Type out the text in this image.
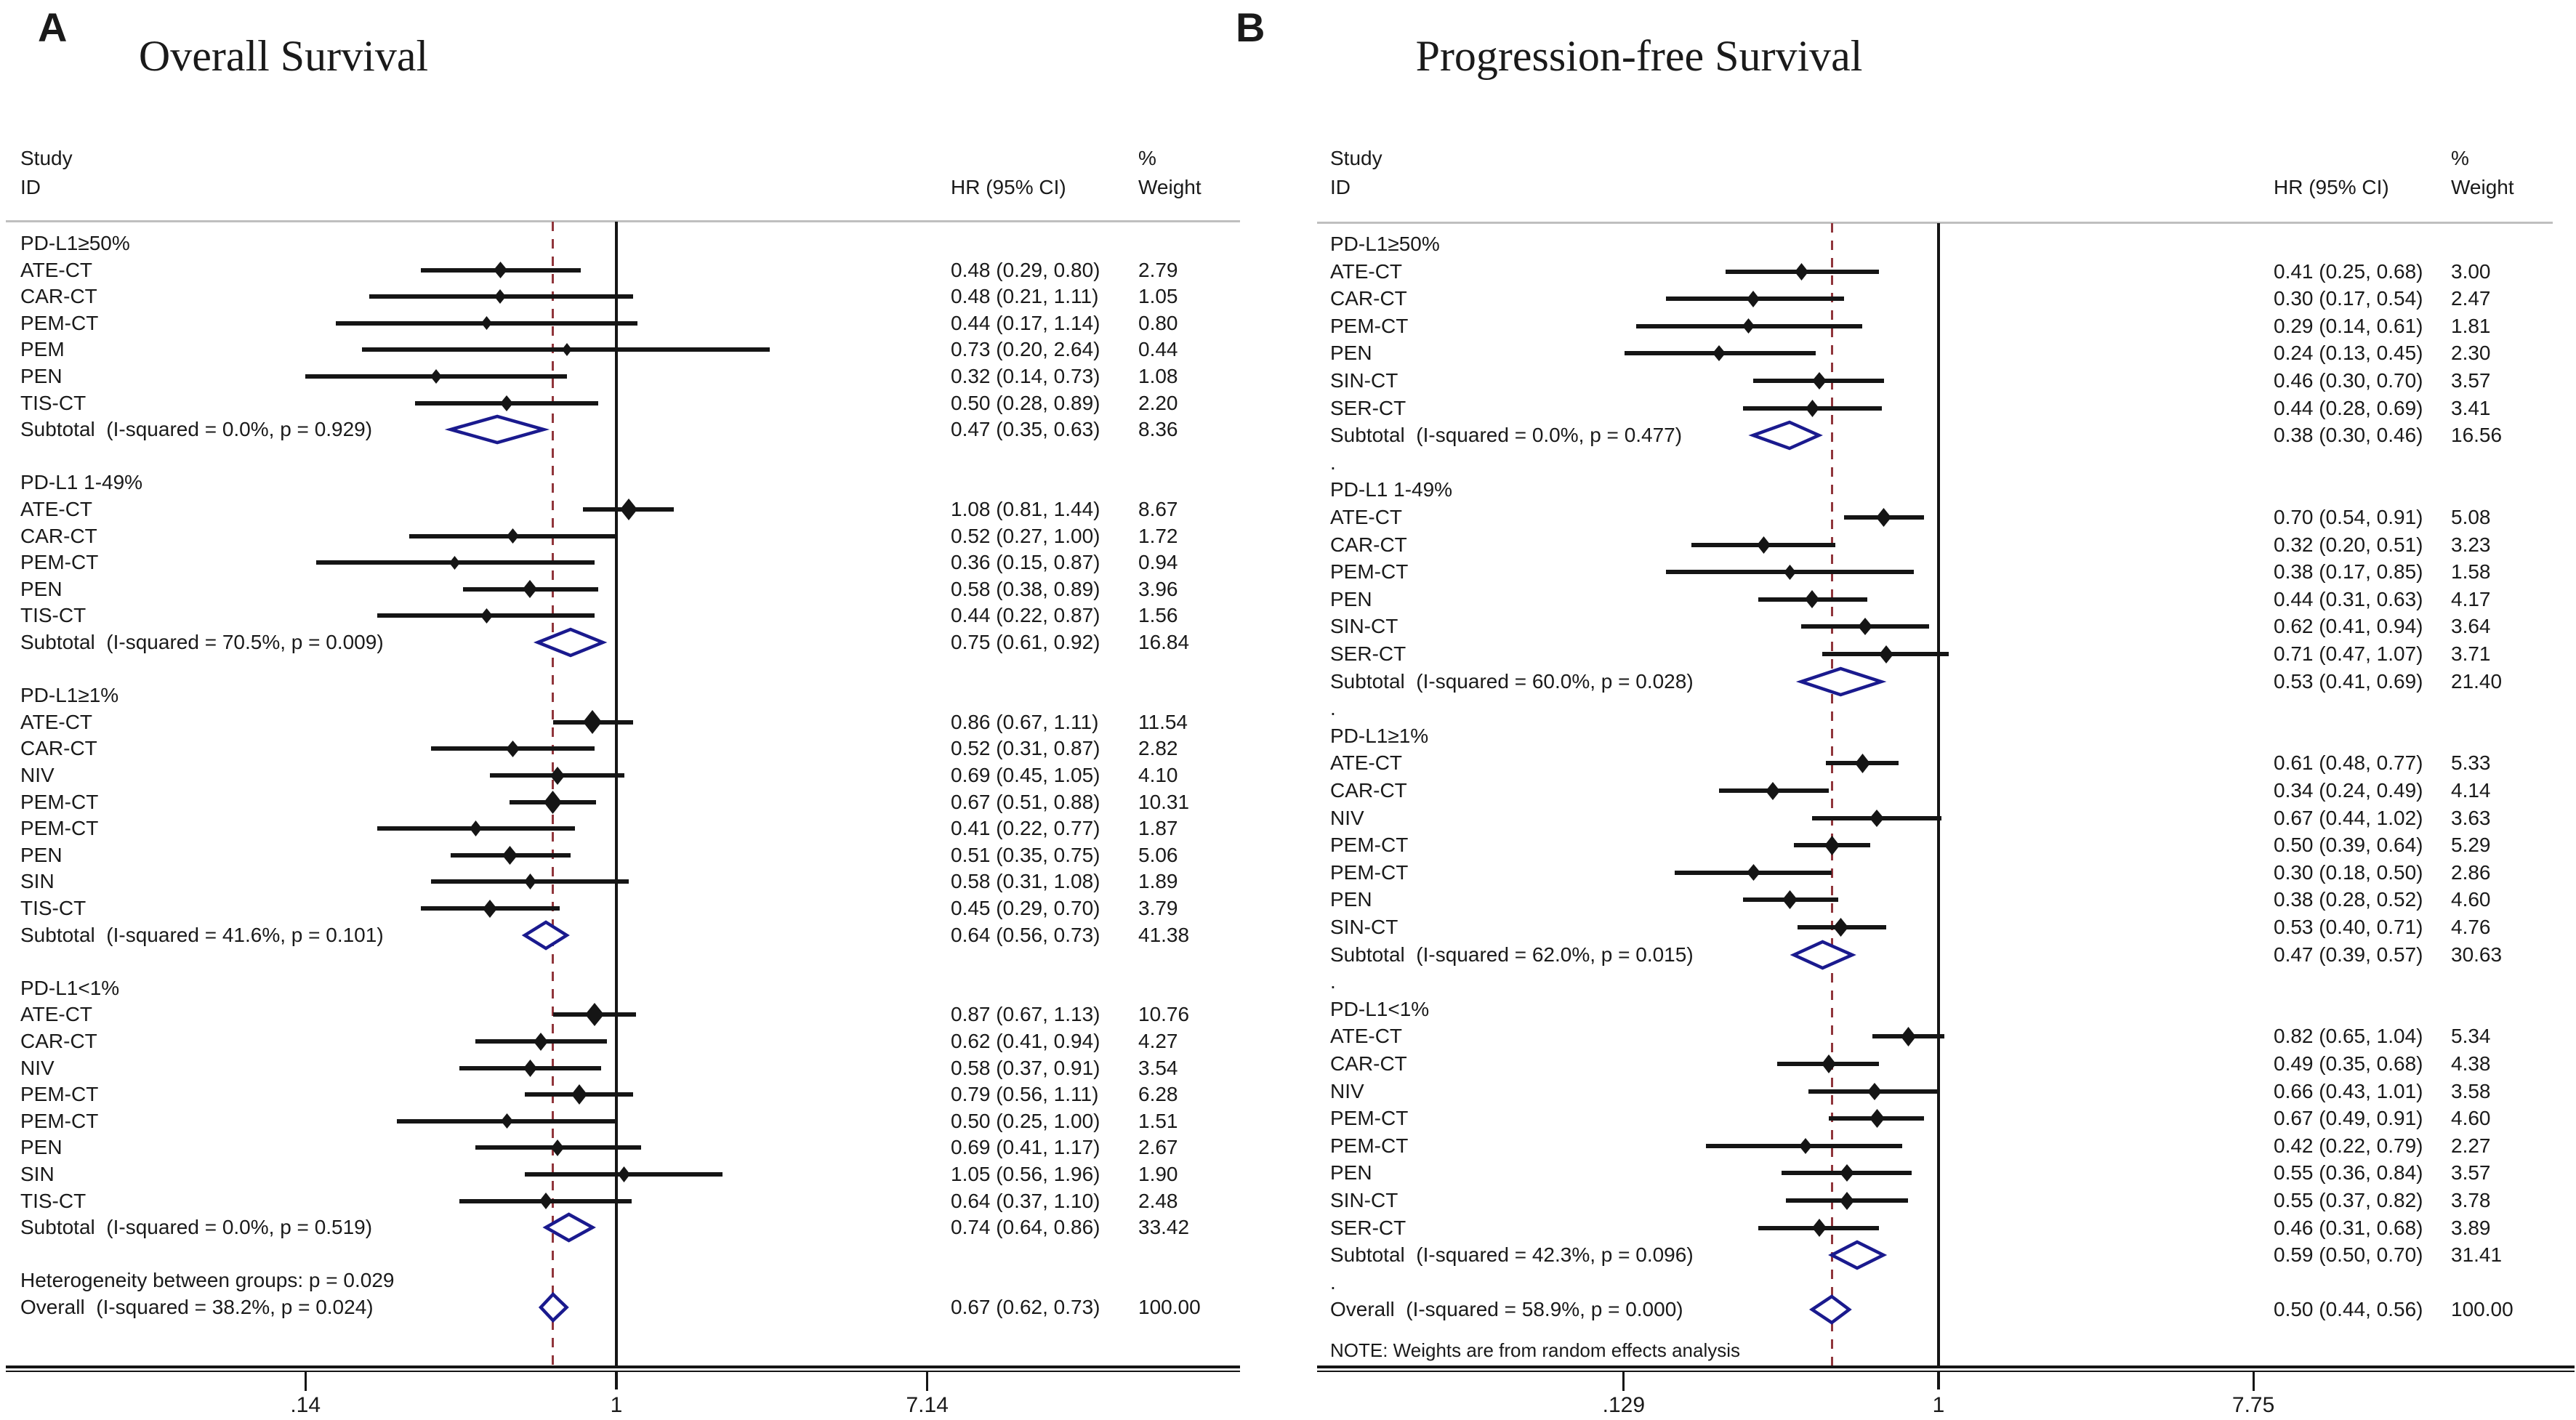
A
Overall Survival
Study
ID	HR (95% CI)
%
Weight
PD-L1≥50%
ATE-CT	0.48 (0.29, 0.80) 2.79
CAR-CT	0.48 (0.21, 1.11) 1.05
PEM-CT	0.44 (0.17, 1.14) 0.80
PEM	0.73 (0.20, 2.64) 0.44
PEN	0.32 (0.14, 0.73) 1.08
TIS-CT	0.50 (0.28, 0.89) 2.20
Subtotal  (I-squared = 0.0%, p = 0.929)	0.47 (0.35, 0.63) 8.36
PD-L1 1-49%
ATE-CT	1.08 (0.81, 1.44) 8.67
CAR-CT	0.52 (0.27, 1.00) 1.72
PEM-CT	0.36 (0.15, 0.87) 0.94
PEN	0.58 (0.38, 0.89) 3.96
TIS-CT	0.44 (0.22, 0.87) 1.56
Subtotal  (I-squared = 70.5%, p = 0.009)	0.75 (0.61, 0.92) 16.84
PD-L1≥1%
ATE-CT	0.86 (0.67, 1.11) 11.54
CAR-CT	0.52 (0.31, 0.87) 2.82
NIV	0.69 (0.45, 1.05) 4.10
PEM-CT	0.67 (0.51, 0.88) 10.31
PEM-CT	0.41 (0.22, 0.77) 1.87
PEN	0.51 (0.35, 0.75) 5.06
SIN	0.58 (0.31, 1.08) 1.89
TIS-CT	0.45 (0.29, 0.70) 3.79
Subtotal  (I-squared = 41.6%, p = 0.101)	0.64 (0.56, 0.73) 41.38
PD-L1<1%
ATE-CT	0.87 (0.67, 1.13) 10.76
CAR-CT	0.62 (0.41, 0.94) 4.27
NIV	0.58 (0.37, 0.91) 3.54
PEM-CT	0.79 (0.56, 1.11) 6.28
PEM-CT	0.50 (0.25, 1.00) 1.51
PEN	0.69 (0.41, 1.17) 2.67
SIN	1.05 (0.56, 1.96) 1.90
TIS-CT	0.64 (0.37, 1.10) 2.48
Subtotal  (I-squared = 0.0%, p = 0.519)	0.74 (0.64, 0.86) 33.42
Heterogeneity between groups: p = 0.029
Overall  (I-squared = 38.2%, p = 0.024)	0.67 (0.62, 0.73) 100.00
.14	1	7.14
B
Progression-free Survival
Study
ID	HR (95% CI)
%
Weight
PD-L1≥50%
ATE-CT	0.41 (0.25, 0.68) 3.00
CAR-CT	0.30 (0.17, 0.54) 2.47
PEM-CT	0.29 (0.14, 0.61) 1.81
PEN	0.24 (0.13, 0.45) 2.30
SIN-CT	0.46 (0.30, 0.70) 3.57
SER-CT	0.44 (0.28, 0.69) 3.41
Subtotal  (I-squared = 0.0%, p = 0.477)	0.38 (0.30, 0.46) 16.56
.
PD-L1 1-49%
ATE-CT	0.70 (0.54, 0.91) 5.08
CAR-CT	0.32 (0.20, 0.51) 3.23
PEM-CT	0.38 (0.17, 0.85) 1.58
PEN	0.44 (0.31, 0.63) 4.17
SIN-CT	0.62 (0.41, 0.94) 3.64
SER-CT	0.71 (0.47, 1.07) 3.71
Subtotal  (I-squared = 60.0%, p = 0.028)	0.53 (0.41, 0.69) 21.40
.
PD-L1≥1%
ATE-CT	0.61 (0.48, 0.77) 5.33
CAR-CT	0.34 (0.24, 0.49) 4.14
NIV	0.67 (0.44, 1.02) 3.63
PEM-CT	0.50 (0.39, 0.64) 5.29
PEM-CT	0.30 (0.18, 0.50) 2.86
PEN	0.38 (0.28, 0.52) 4.60
SIN-CT	0.53 (0.40, 0.71) 4.76
Subtotal  (I-squared = 62.0%, p = 0.015)	0.47 (0.39, 0.57) 30.63
.
PD-L1<1%
ATE-CT	0.82 (0.65, 1.04) 5.34
CAR-CT	0.49 (0.35, 0.68) 4.38
NIV	0.66 (0.43, 1.01) 3.58
PEM-CT	0.67 (0.49, 0.91) 4.60
PEM-CT	0.42 (0.22, 0.79) 2.27
PEN	0.55 (0.36, 0.84) 3.57
SIN-CT	0.55 (0.37, 0.82) 3.78
SER-CT	0.46 (0.31, 0.68) 3.89
Subtotal  (I-squared = 42.3%, p = 0.096)	0.59 (0.50, 0.70) 31.41
.
Overall  (I-squared = 58.9%, p = 0.000)	0.50 (0.44, 0.56) 100.00
NOTE: Weights are from random effects analysis
.129	1	7.75
